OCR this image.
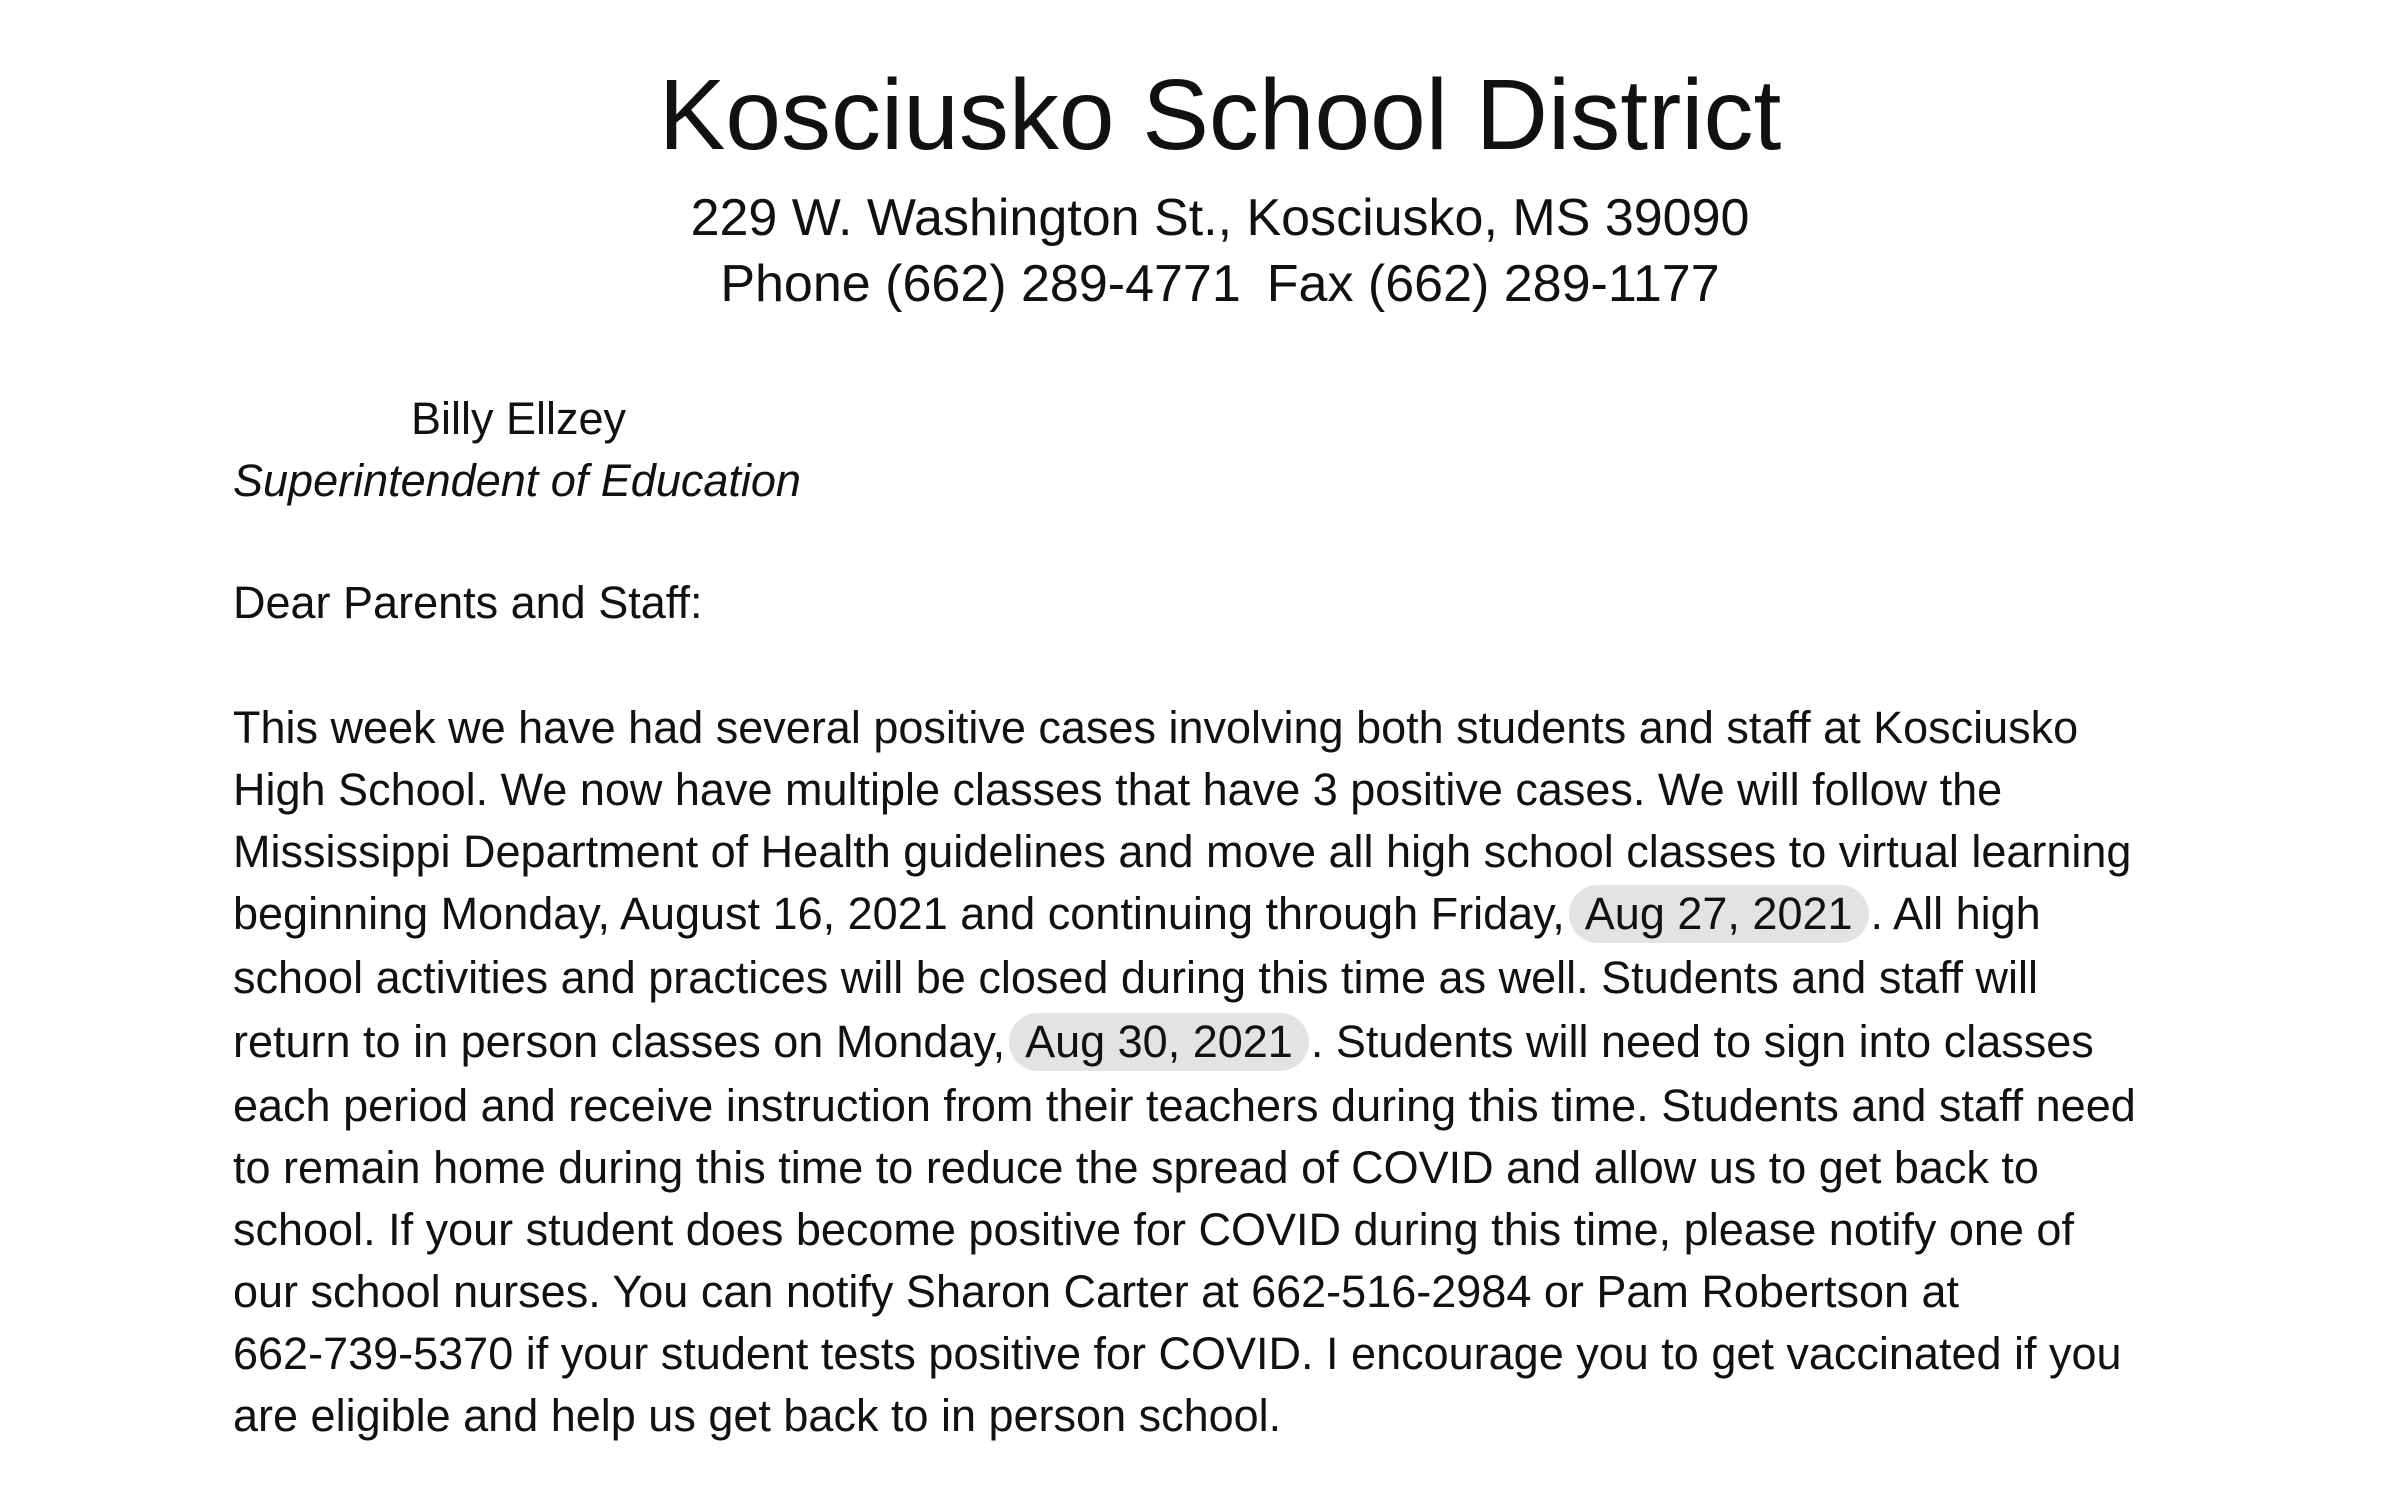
Kosciusko School District

229 W. Washington St., Kosciusko, MS 39090

Phone (662) 289-4771 Fax (662) 289-1177

Billy Ellzey
Superintendent of Education
Dear Parents and Staff:
This week we have had several positive cases involving both students and staff at Kosciusko
High School. We now have multiple classes that have 3 positive cases. We will follow the
Mississippi Department of Health guidelines and move all high school classes to virtual learning
beginning Monday, August 16, 2021 and continuing through Friday, Aug 27, 2021 . All high
school activities and practices will be closed during this time as well. Students and staff will
return to in person classes on Monday, Aug 30, 2021 . Students will need to sign into classes
each period and receive instruction from their teachers during this time. Students and staff need
to remain home during this time to reduce the spread of COVID and allow us to get back to
school. If your student does become positive for COVID during this time, please notify one of
our school nurses. You can notify Sharon Carter at 662-516-2984 or Pam Robertson at
662-739-5370 if your student tests positive for COVID. I encourage you to get vaccinated if you
are eligible and help us get back to in person school.
